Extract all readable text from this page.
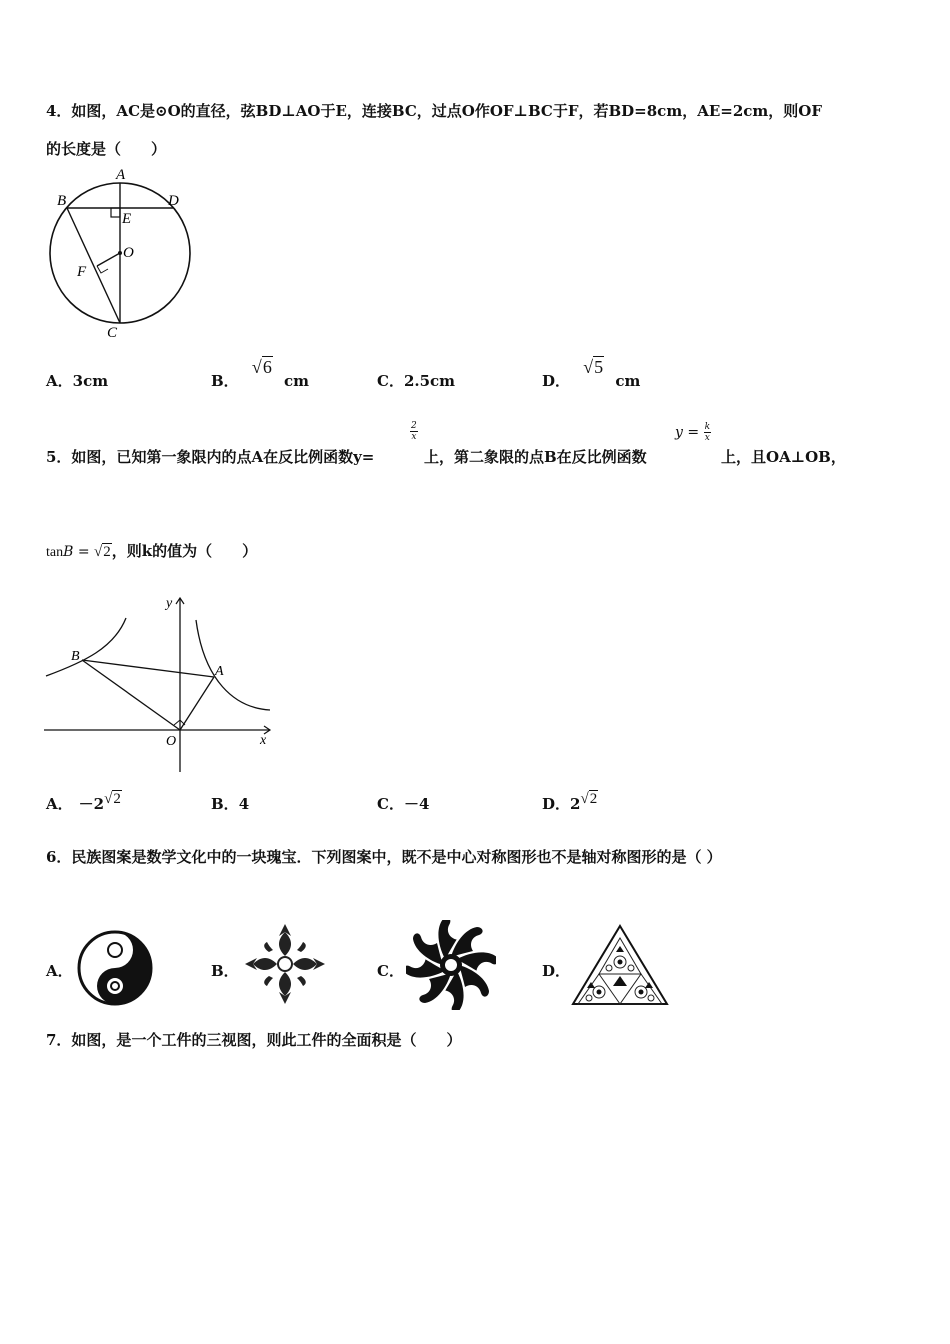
4．如图，AC是⊙O的直径，弦BD⊥AO于E，连接BC，过点O作OF⊥BC于F，若BD=8cm，AE=2cm，则OF
的长度是（　　）
A
B	D
E
O
F
C
A．3cm	B． √6 cm	C．2.5cm	D． √5 cm
5．如图，已知第一象限内的点A在反比例函数y=
$\frac{2}{x}$
上，第二象限的点B在反比例函数
$y = \frac{k}{x}$
上，且OA⊥OB，
tanB = √2，则k的值为（　　）
y
x
B
A
O
A． －2√2	B．4	C．－4	D．2√2
6．民族图案是数学文化中的一块瑰宝．下列图案中，既不是中心对称图形也不是轴对称图形的是（ ）
A．	B．	C．	D．
7．如图，是一个工件的三视图，则此工件的全面积是（　　）
